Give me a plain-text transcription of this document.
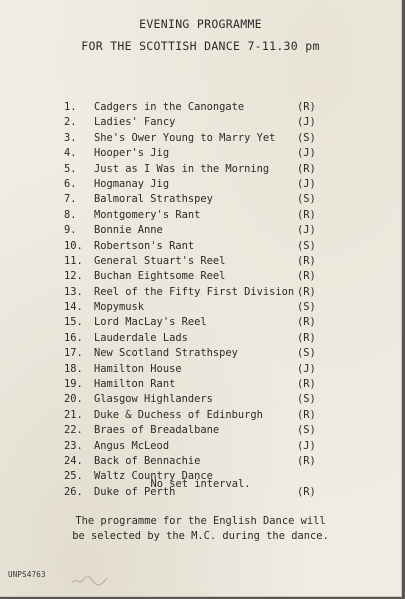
EVENING PROGRAMME
FOR THE SCOTTISH DANCE 7-11.30 pm
1.	Cadgers in the Canongate	(R)
2.	Ladies' Fancy	(J)
3.	She's Ower Young to Marry Yet (S)
4.	Hooper's Jig	(J)
5.	Just as I Was in the Morning	(R)
6.	Hogmanay Jig	(J)
7.	Balmoral Strathspey	(S)
8.	Montgomery's Rant	(R)
9.	Bonnie Anne	(J)
10.	Robertson's Rant	(S)
11.	General Stuart's Reel	(R)
12.	Buchan Eightsome Reel	(R)
13.	Reel of the Fifty First Division (R)
14.	Mopymusk	(S)
15.	Lord MacLay's Reel	(R)
16.	Lauderdale Lads	(R)
17.	New Scotland Strathspey	(S)
18.	Hamilton House	(J)
19.	Hamilton Rant	(R)
20.	Glasgow Highlanders	(S)
21.	Duke & Duchess of Edinburgh	(R)
22.	Braes of Breadalbane	(S)
23.	Angus McLeod	(J)
24.	Back of Bennachie	(R)
25.	Waltz Country Dance
26.	Duke of Perth	(R)
No set interval.
The programme for the English Dance will
be selected by the M.C. during the dance.
UNPS4763
